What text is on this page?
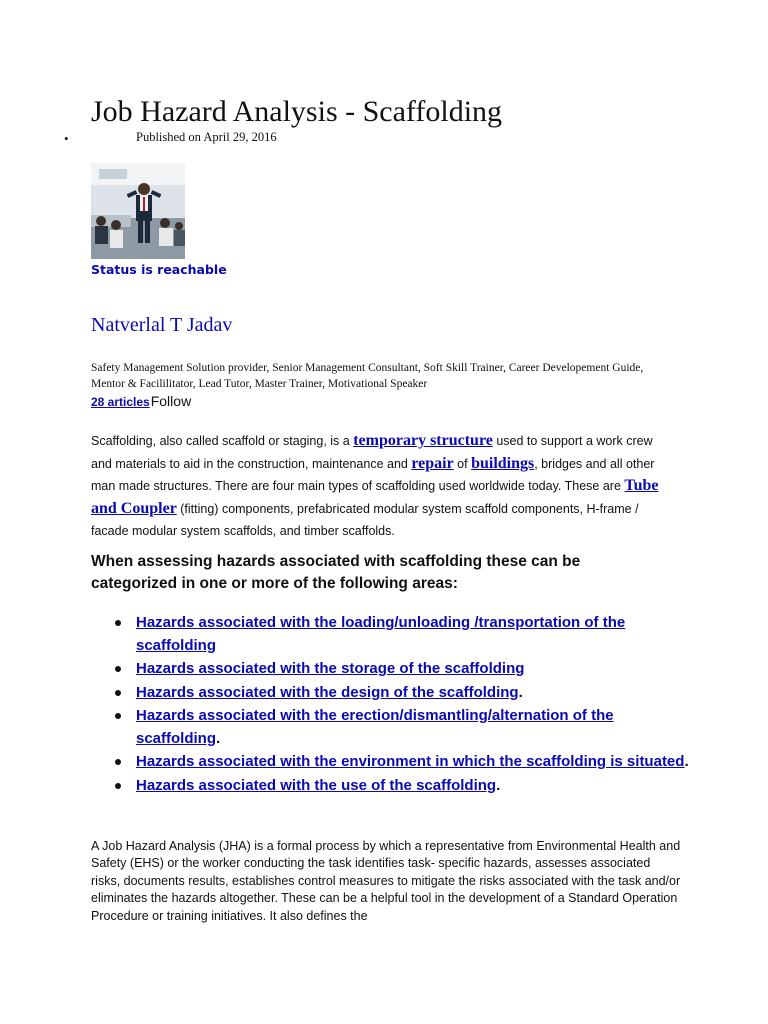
Job Hazard Analysis - Scaffolding
•	Published on April 29, 2016
Status is reachable
Natverlal T Jadav
Safety Management Solution provider, Senior Management Consultant, Soft Skill Trainer, Career Developement Guide, Mentor & Facililitator, Lead Tutor, Master Trainer, Motivational Speaker
28 articlesFollow
Scaffolding, also called scaffold or staging, is a temporary structure used to support a work crew and materials to aid in the construction, maintenance and repair of buildings, bridges and all other man made structures. There are four main types of scaffolding used worldwide today. These are Tube and Coupler (fitting) components, prefabricated modular system scaffold components, H-frame / facade modular system scaffolds, and timber scaffolds.
When assessing hazards associated with scaffolding these can be categorized in one or more of the following areas:
Hazards associated with the loading/unloading /transportation of the scaffolding
Hazards associated with the storage of the scaffolding
Hazards associated with the design of the scaffolding.
Hazards associated with the erection/dismantling/alternation of the scaffolding.
Hazards associated with the environment in which the scaffolding is situated.
Hazards associated with the use of the scaffolding.
A Job Hazard Analysis (JHA) is a formal process by which a representative from Environmental Health and Safety (EHS) or the worker conducting the task identifies task- specific hazards, assesses associated risks, documents results, establishes control measures to mitigate the risks associated with the task and/or eliminates the hazards altogether. These can be a helpful tool in the development of a Standard Operation Procedure or training initiatives. It also defines the
